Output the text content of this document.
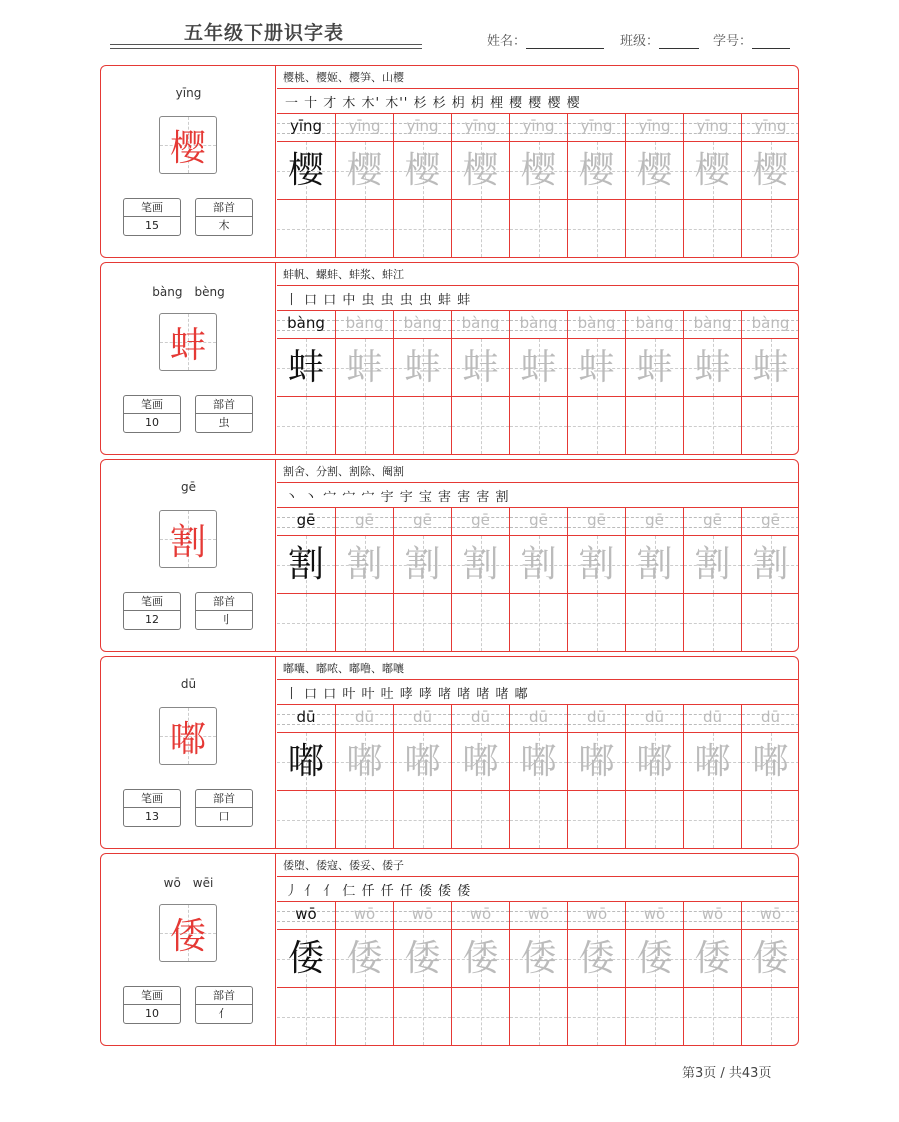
五年级下册识字表	姓名：	班级：	学号：
yīng
樱
笔画
15
部首
木
樱桃、樱姬、樱笋、山樱
一 十 才 木 木' 木'' 杉 杉 枂 枂 梩 樱 樱 樱 樱
yīng
樱
yīng
樱
yīng
樱
yīng
樱
yīng
樱
yīng
樱
yīng
樱
yīng
樱
yīng
樱
bàng　bèng
蚌
笔画
10
部首
虫
蚌帆、螺蚌、蚌浆、蚌江
丨 口 口 中 虫 虫 虫 虫 蚌 蚌
bàng
蚌
bàng
蚌
bàng
蚌
bàng
蚌
bàng
蚌
bàng
蚌
bàng
蚌
bàng
蚌
bàng
蚌
gē
割
笔画
12
部首
刂
割舍、分割、割除、阉割
丶 丶 宀 宀 宀 宇 宇 宝 害 害 害 割
gē
割
gē
割
gē
割
gē
割
gē
割
gē
割
gē
割
gē
割
gē
割
dū
嘟
笔画
13
部首
口
嘟囔、嘟哝、嘟噜、嘟嚷
丨 口 口 叶 叶 吐 哮 哮 啫 啫 啫 啫 嘟
dū
嘟
dū
嘟
dū
嘟
dū
嘟
dū
嘟
dū
嘟
dū
嘟
dū
嘟
dū
嘟
wō　wēi
倭
笔画
10
部首
亻
倭堕、倭寇、倭妥、倭子
丿 亻 亻 仁 仟 仟 仟 倭 倭 倭
wō
倭
wō
倭
wō
倭
wō
倭
wō
倭
wō
倭
wō
倭
wō
倭
wō
倭
第3页 / 共43页
